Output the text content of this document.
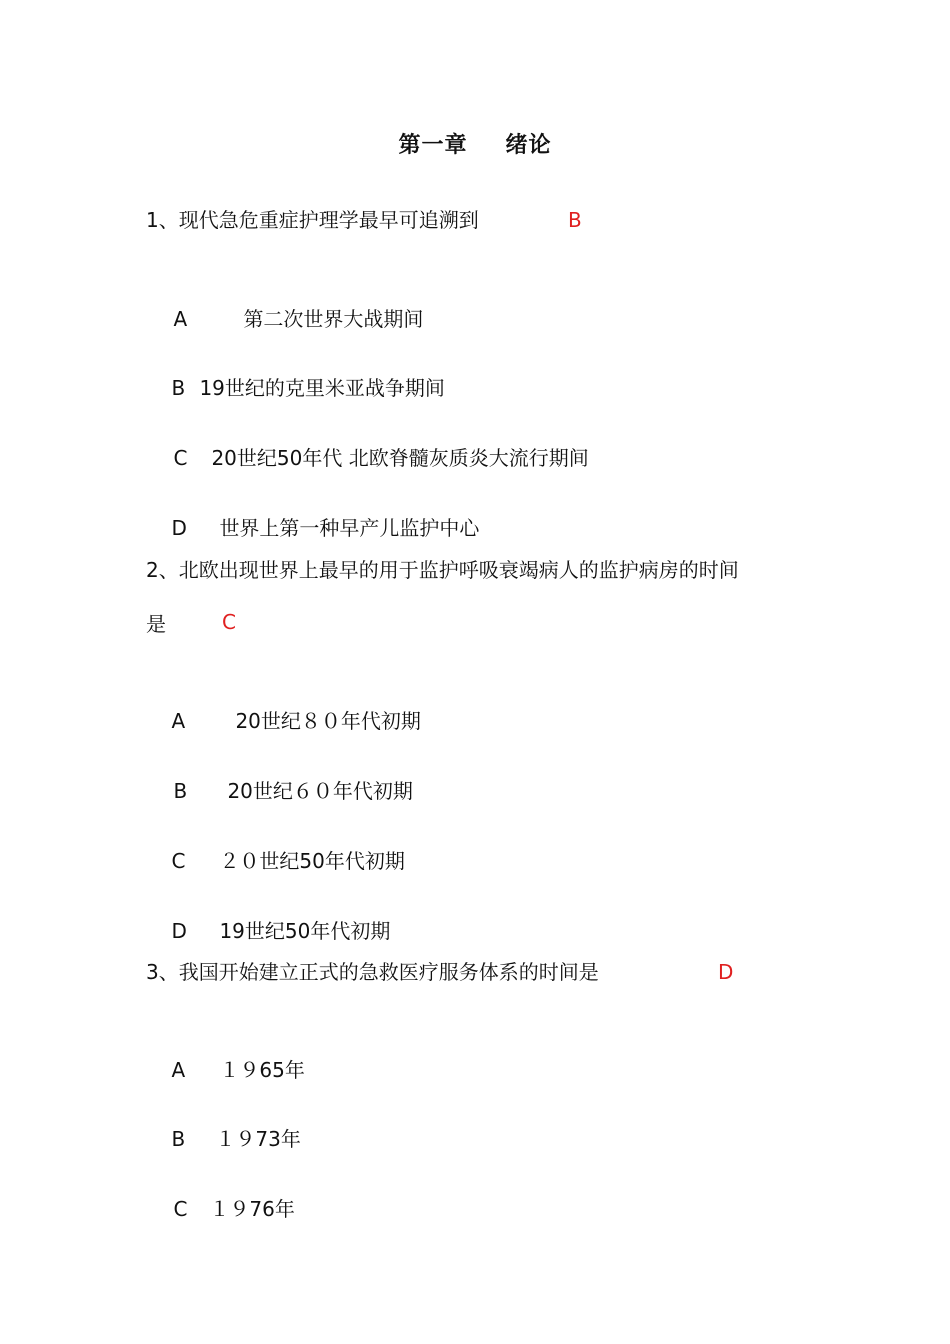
第一章 绪论
1、现代急危重症护理学最早可追溯到	B

A	第二次世界大战期间

B 19世纪的克里米亚战争期间

C 20世纪50年代 北欧脊髓灰质炎大流行期间

D 世界上第一种早产儿监护中心

2、北欧出现世界上最早的用于监护呼吸衰竭病人的监护病房的时间
是	C

A	20世纪８０年代初期

B 20世纪６０年代初期

C ２０世纪50年代初期

D 19世纪50年代初期

3、我国开始建立正式的急救医疗服务体系的时间是	D

A １９65年

B １９73年

C １９76年
